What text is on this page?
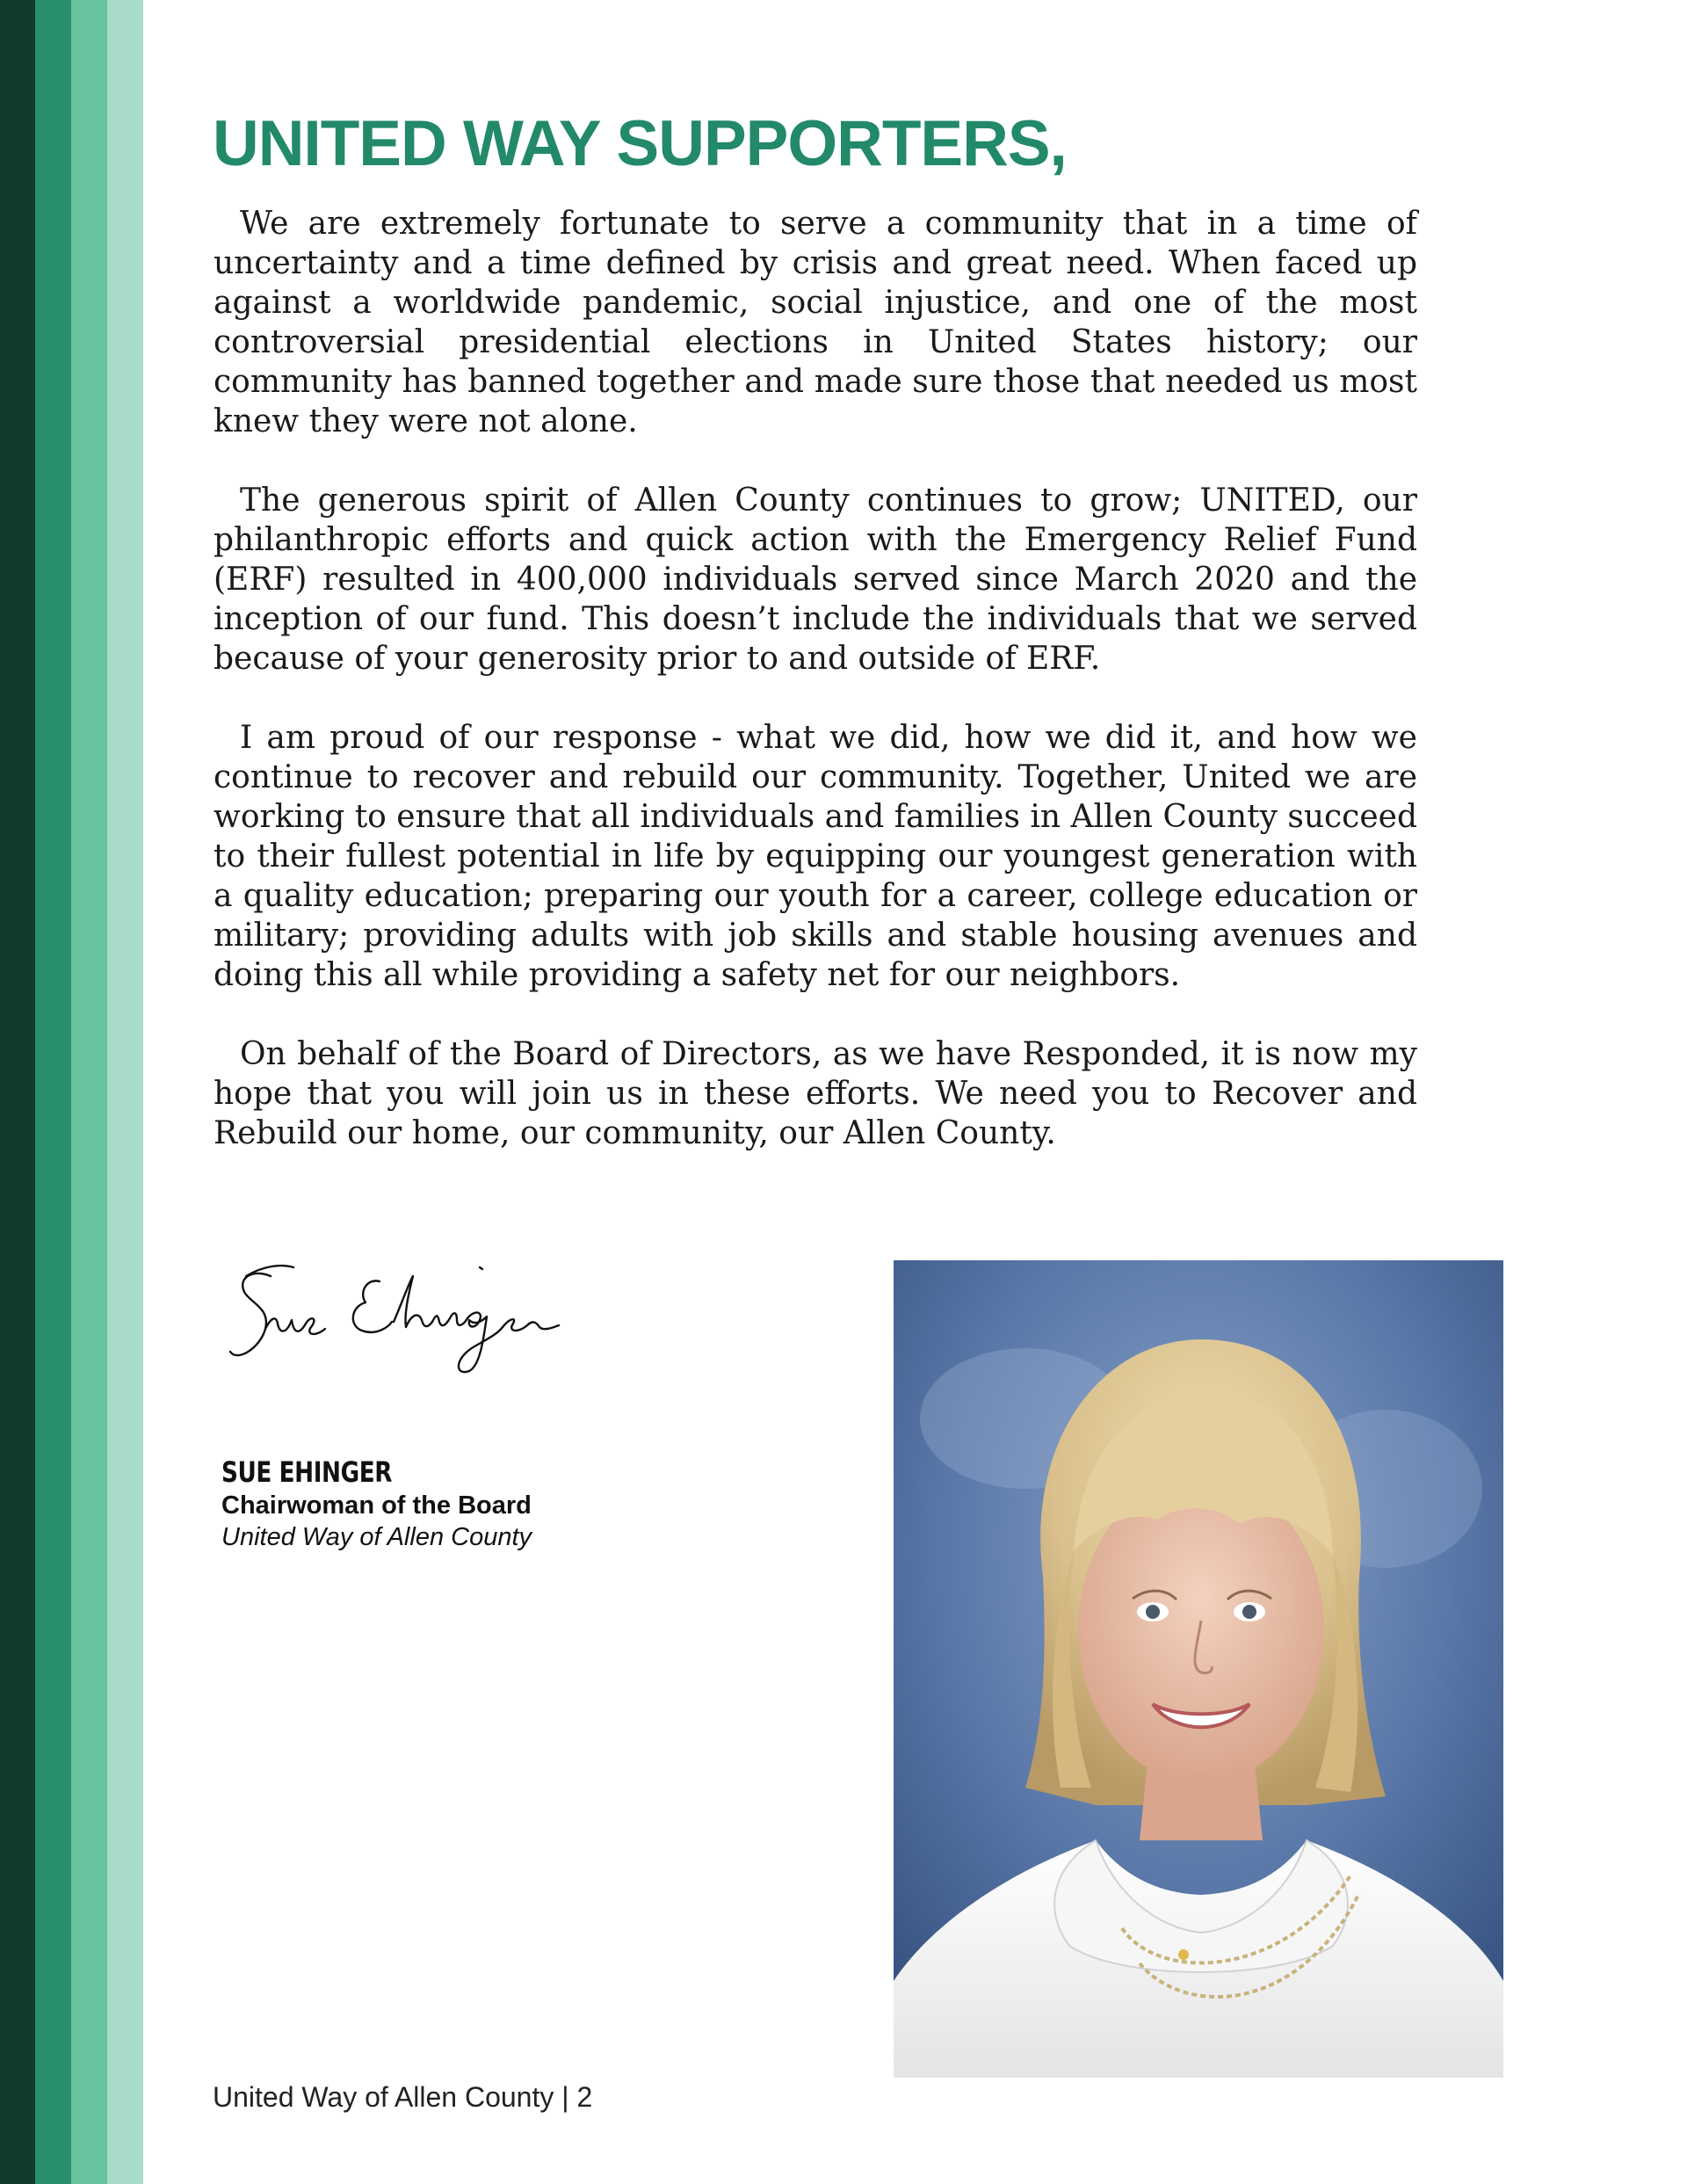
UNITED WAY SUPPORTERS,

We are extremely fortunate to serve a community that in a time of uncertainty and a time defined by crisis and great need. When faced up against a worldwide pandemic, social injustice, and one of the most controversial presidential elections in United States history; our community has banned together and made sure those that needed us most knew they were not alone.

The generous spirit of Allen County continues to grow; UNITED, our philanthropic efforts and quick action with the Emergency Relief Fund (ERF) resulted in 400,000 individuals served since March 2020 and the inception of our fund. This doesn’t include the individuals that we served because of your generosity prior to and outside of ERF.

I am proud of our response - what we did, how we did it, and how we continue to recover and rebuild our community. Together, United we are working to ensure that all individuals and families in Allen County succeed to their fullest potential in life by equipping our youngest generation with a quality education; preparing our youth for a career, college education or military; providing adults with job skills and stable housing avenues and doing this all while providing a safety net for our neighbors.

On behalf of the Board of Directors, as we have Responded, it is now my hope that you will join us in these efforts. We need you to Recover and Rebuild our home, our community, our Allen County.

SUE EHINGER
Chairwoman of the Board
United Way of Allen County
United Way of Allen County | 2
